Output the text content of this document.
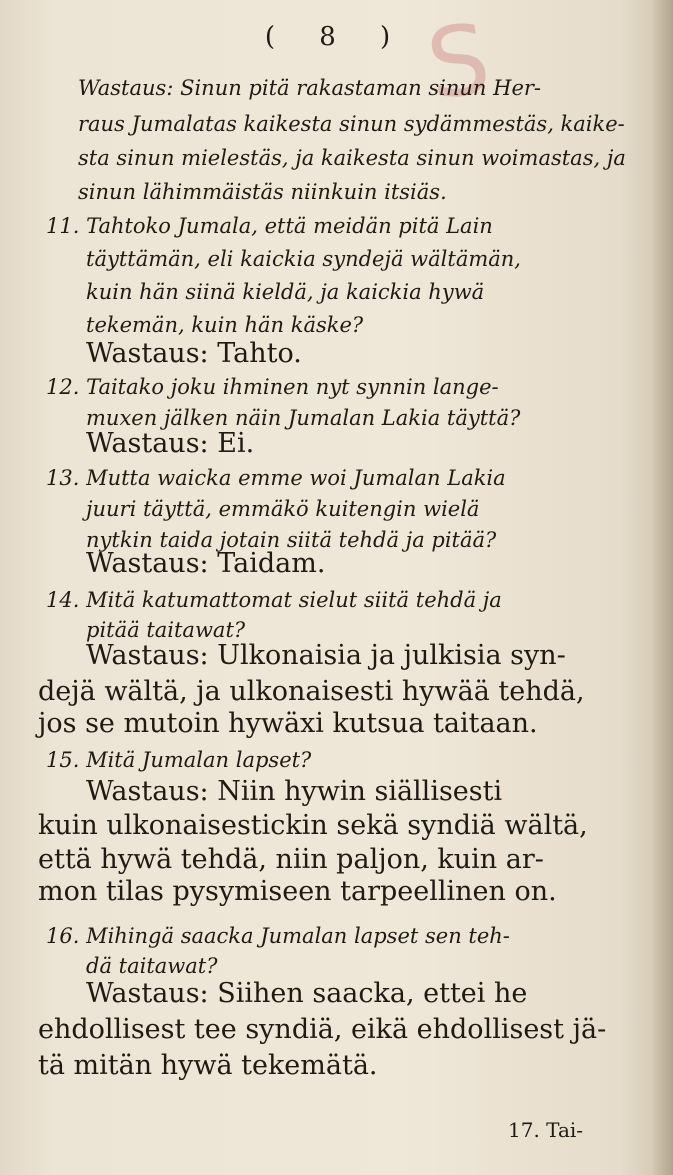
S
( 8 )
Wastaus: Sinun pitä rakastaman sinun Her-
raus Jumalatas kaikesta sinun sydämmestäs, kaike-
sta sinun mielestäs, ja kaikesta sinun woimastas, ja
sinun lähimmäistäs niinkuin itsiäs.
11. Tahtoko Jumala, että meidän pitä Lain
täyttämän, eli kaickia syndejä wältämän,
kuin hän siinä kieldä, ja kaickia hywä
tekemän, kuin hän käske?
Wastaus: Tahto.
12. Taitako joku ihminen nyt synnin lange-
muxen jälken näin Jumalan Lakia täyttä?
Wastaus: Ei.
13. Mutta waicka emme woi Jumalan Lakia
juuri täyttä, emmäkö kuitengin wielä
nytkin taida jotain siitä tehdä ja pitää?
Wastaus: Taidam.
14. Mitä katumattomat sielut siitä tehdä ja
pitää taitawat?
Wastaus: Ulkonaisia ja julkisia syn-
dejä wältä, ja ulkonaisesti hywää tehdä,
jos se mutoin hywäxi kutsua taitaan.
15. Mitä Jumalan lapset?
Wastaus: Niin hywin siällisesti
kuin ulkonaisestickin sekä syndiä wältä,
että hywä tehdä, niin paljon, kuin ar-
mon tilas pysymiseen tarpeellinen on.
16. Mihingä saacka Jumalan lapset sen teh-
dä taitawat?
Wastaus: Siihen saacka, ettei he
ehdollisest tee syndiä, eikä ehdollisest jä-
tä mitän hywä tekemätä.
17. Tai-
